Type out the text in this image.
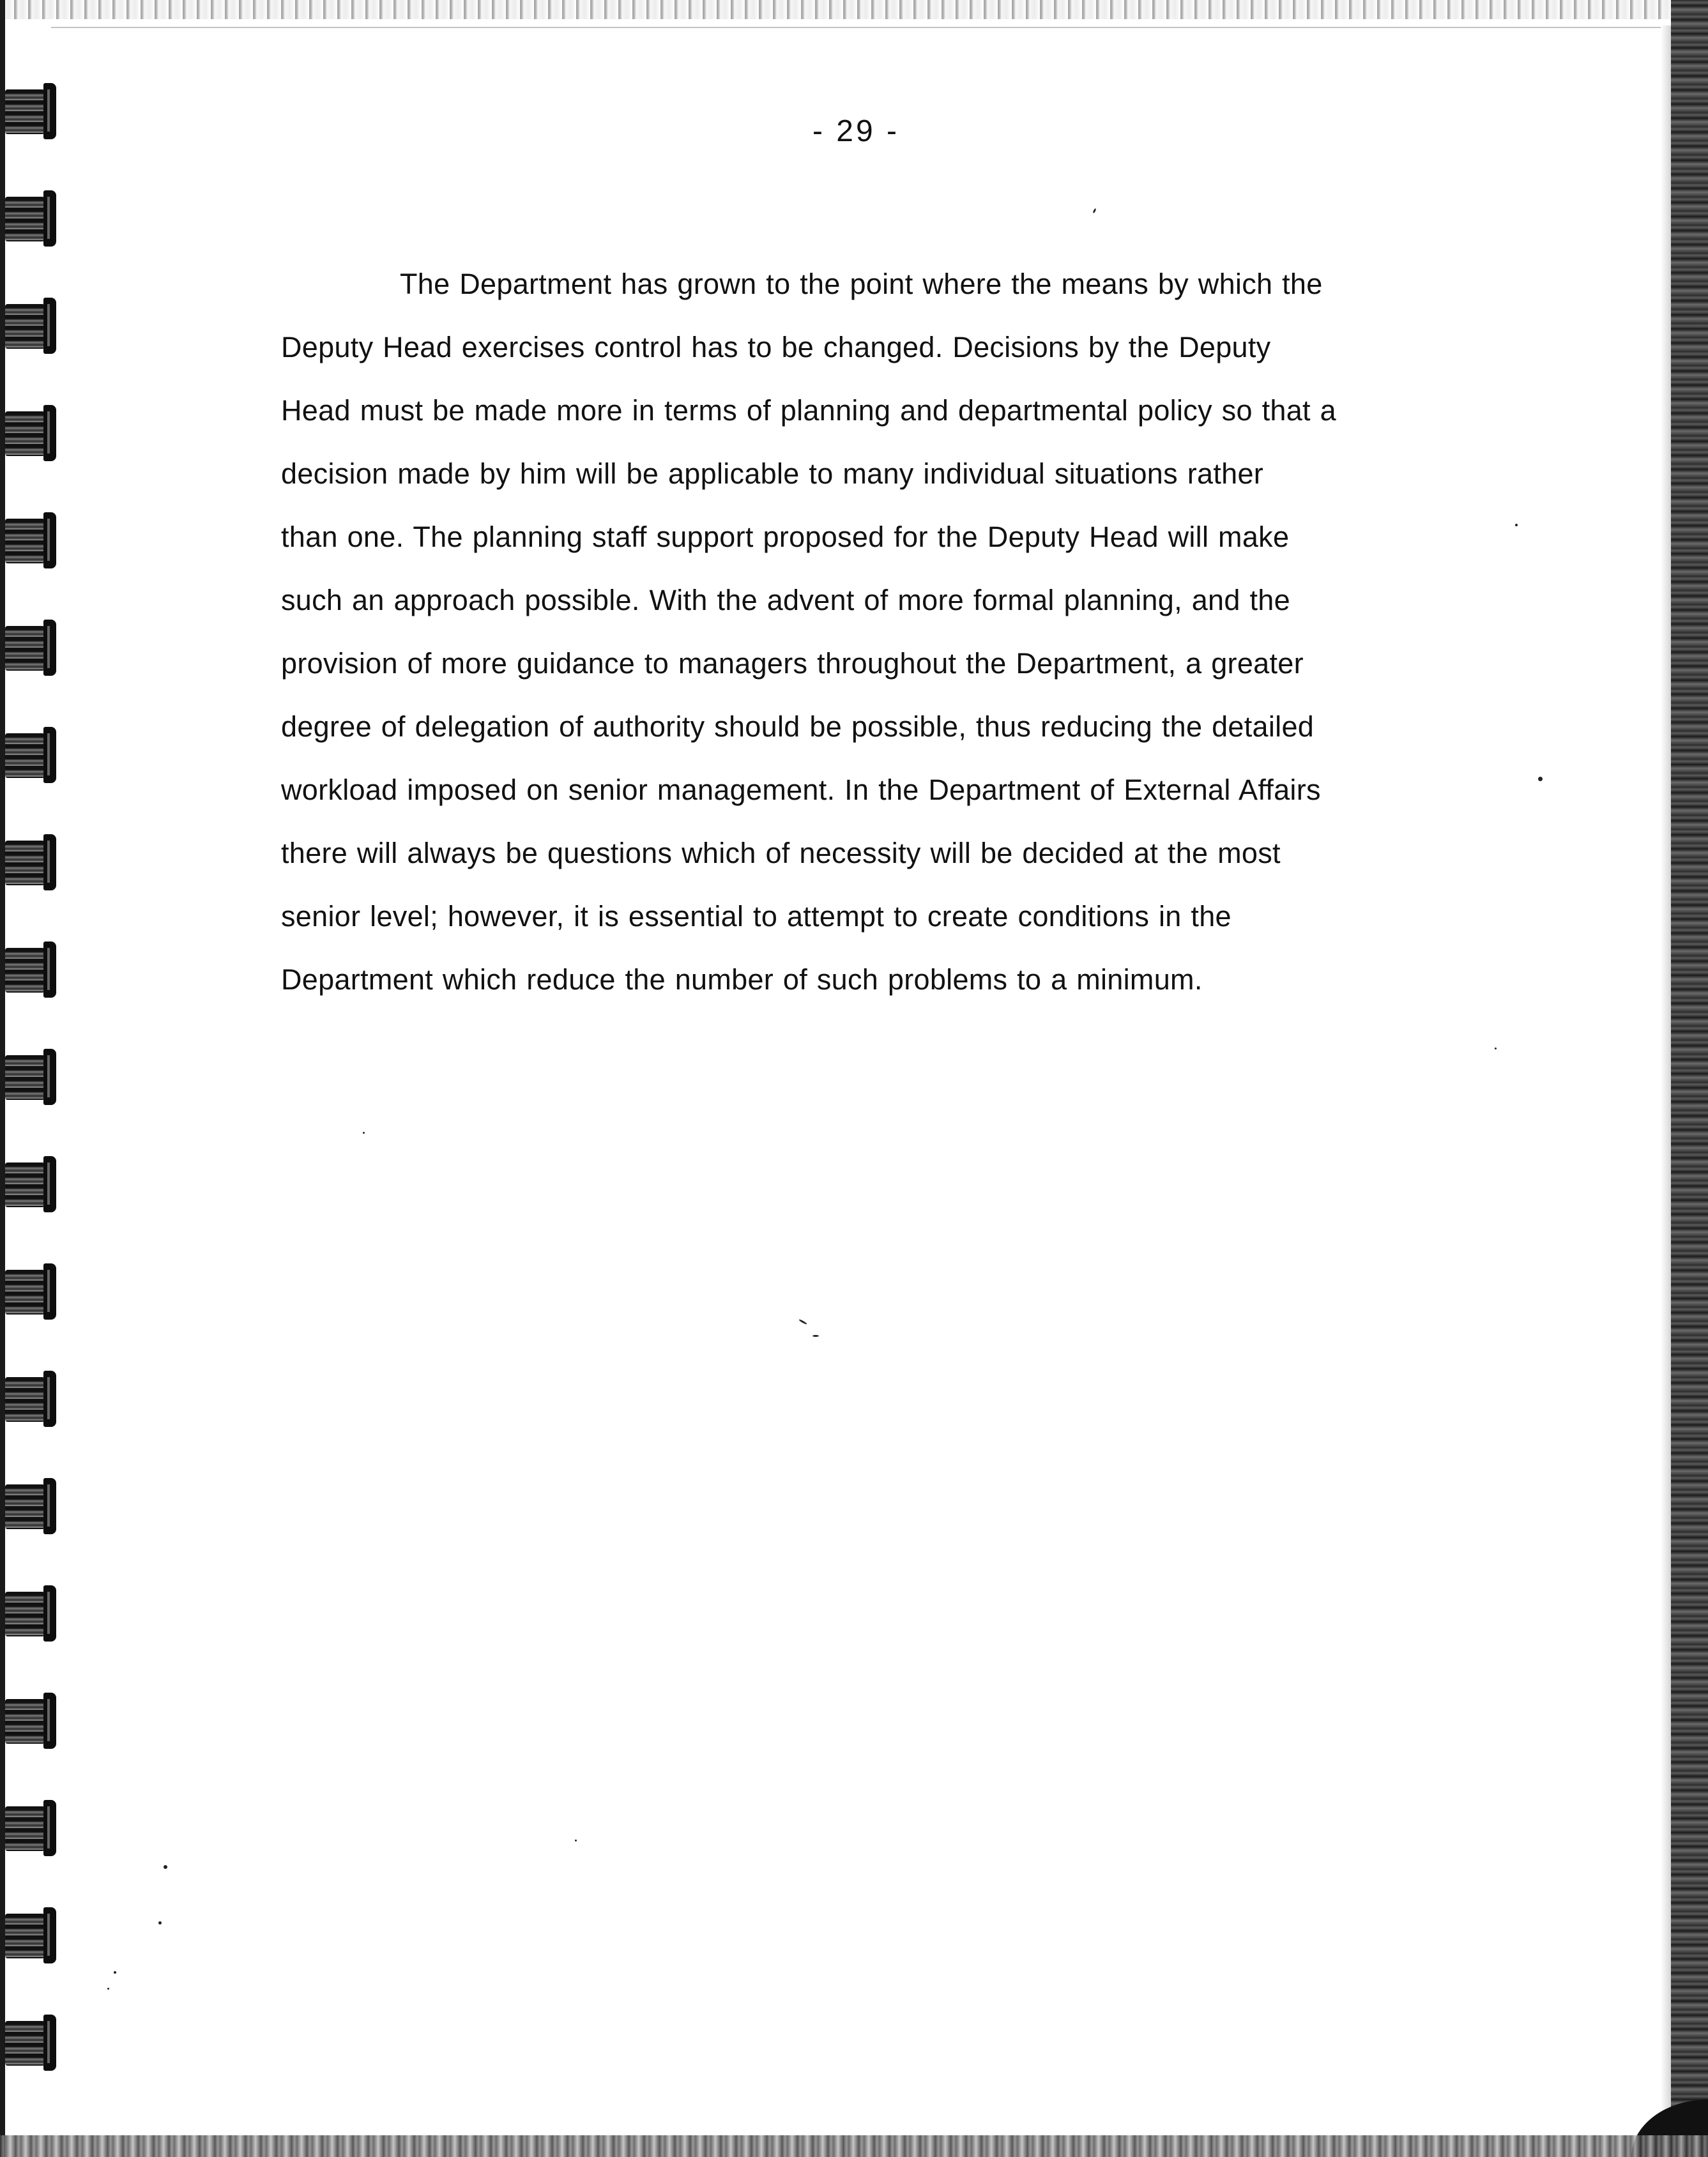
- 29 -
The Department has grown to the point where the means by which the
Deputy Head exercises control has to be changed. Decisions by the Deputy
Head must be made more in terms of planning and departmental policy so that a
decision made by him will be applicable to many individual situations rather
than one. The planning staff support proposed for the Deputy Head will make
such an approach possible. With the advent of more formal planning, and the
provision of more guidance to managers throughout the Department, a greater
degree of delegation of authority should be possible, thus reducing the detailed
workload imposed on senior management. In the Department of External Affairs
there will always be questions which of necessity will be decided at the most
senior level; however, it is essential to attempt to create conditions in the
Department which reduce the number of such problems to a minimum.
